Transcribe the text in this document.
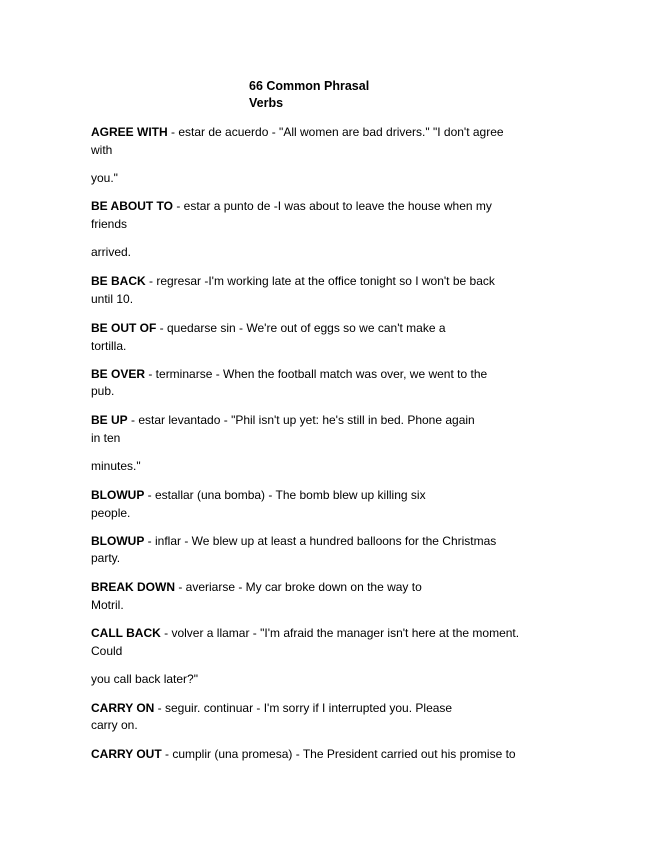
66 Common Phrasal
Verbs
AGREE WITH - estar de acuerdo - "All women are bad drivers." "I don't agree
with
you."
BE ABOUT TO - estar a punto de -I was about to leave the house when my
friends
arrived.
BE BACK - regresar -I'm working late at the office tonight so I won't be back
until 10.
BE OUT OF - quedarse sin - We're out of eggs so we can't make a
tortilla.
BE OVER - terminarse - When the football match was over, we went to the
pub.
BE UP - estar levantado - "Phil isn't up yet: he's still in bed. Phone again
in ten
minutes."
BLOWUP - estallar (una bomba) - The bomb blew up killing six
people.
BLOWUP - inflar - We blew up at least a hundred balloons for the Christmas
party.
BREAK DOWN - averiarse - My car broke down on the way to
Motril.
CALL BACK - volver a llamar - "I'm afraid the manager isn't here at the moment.
Could
you call back later?"
CARRY ON - seguir. continuar - I'm sorry if I interrupted you. Please
carry on.
CARRY OUT - cumplir (una promesa) - The President carried out his promise to
